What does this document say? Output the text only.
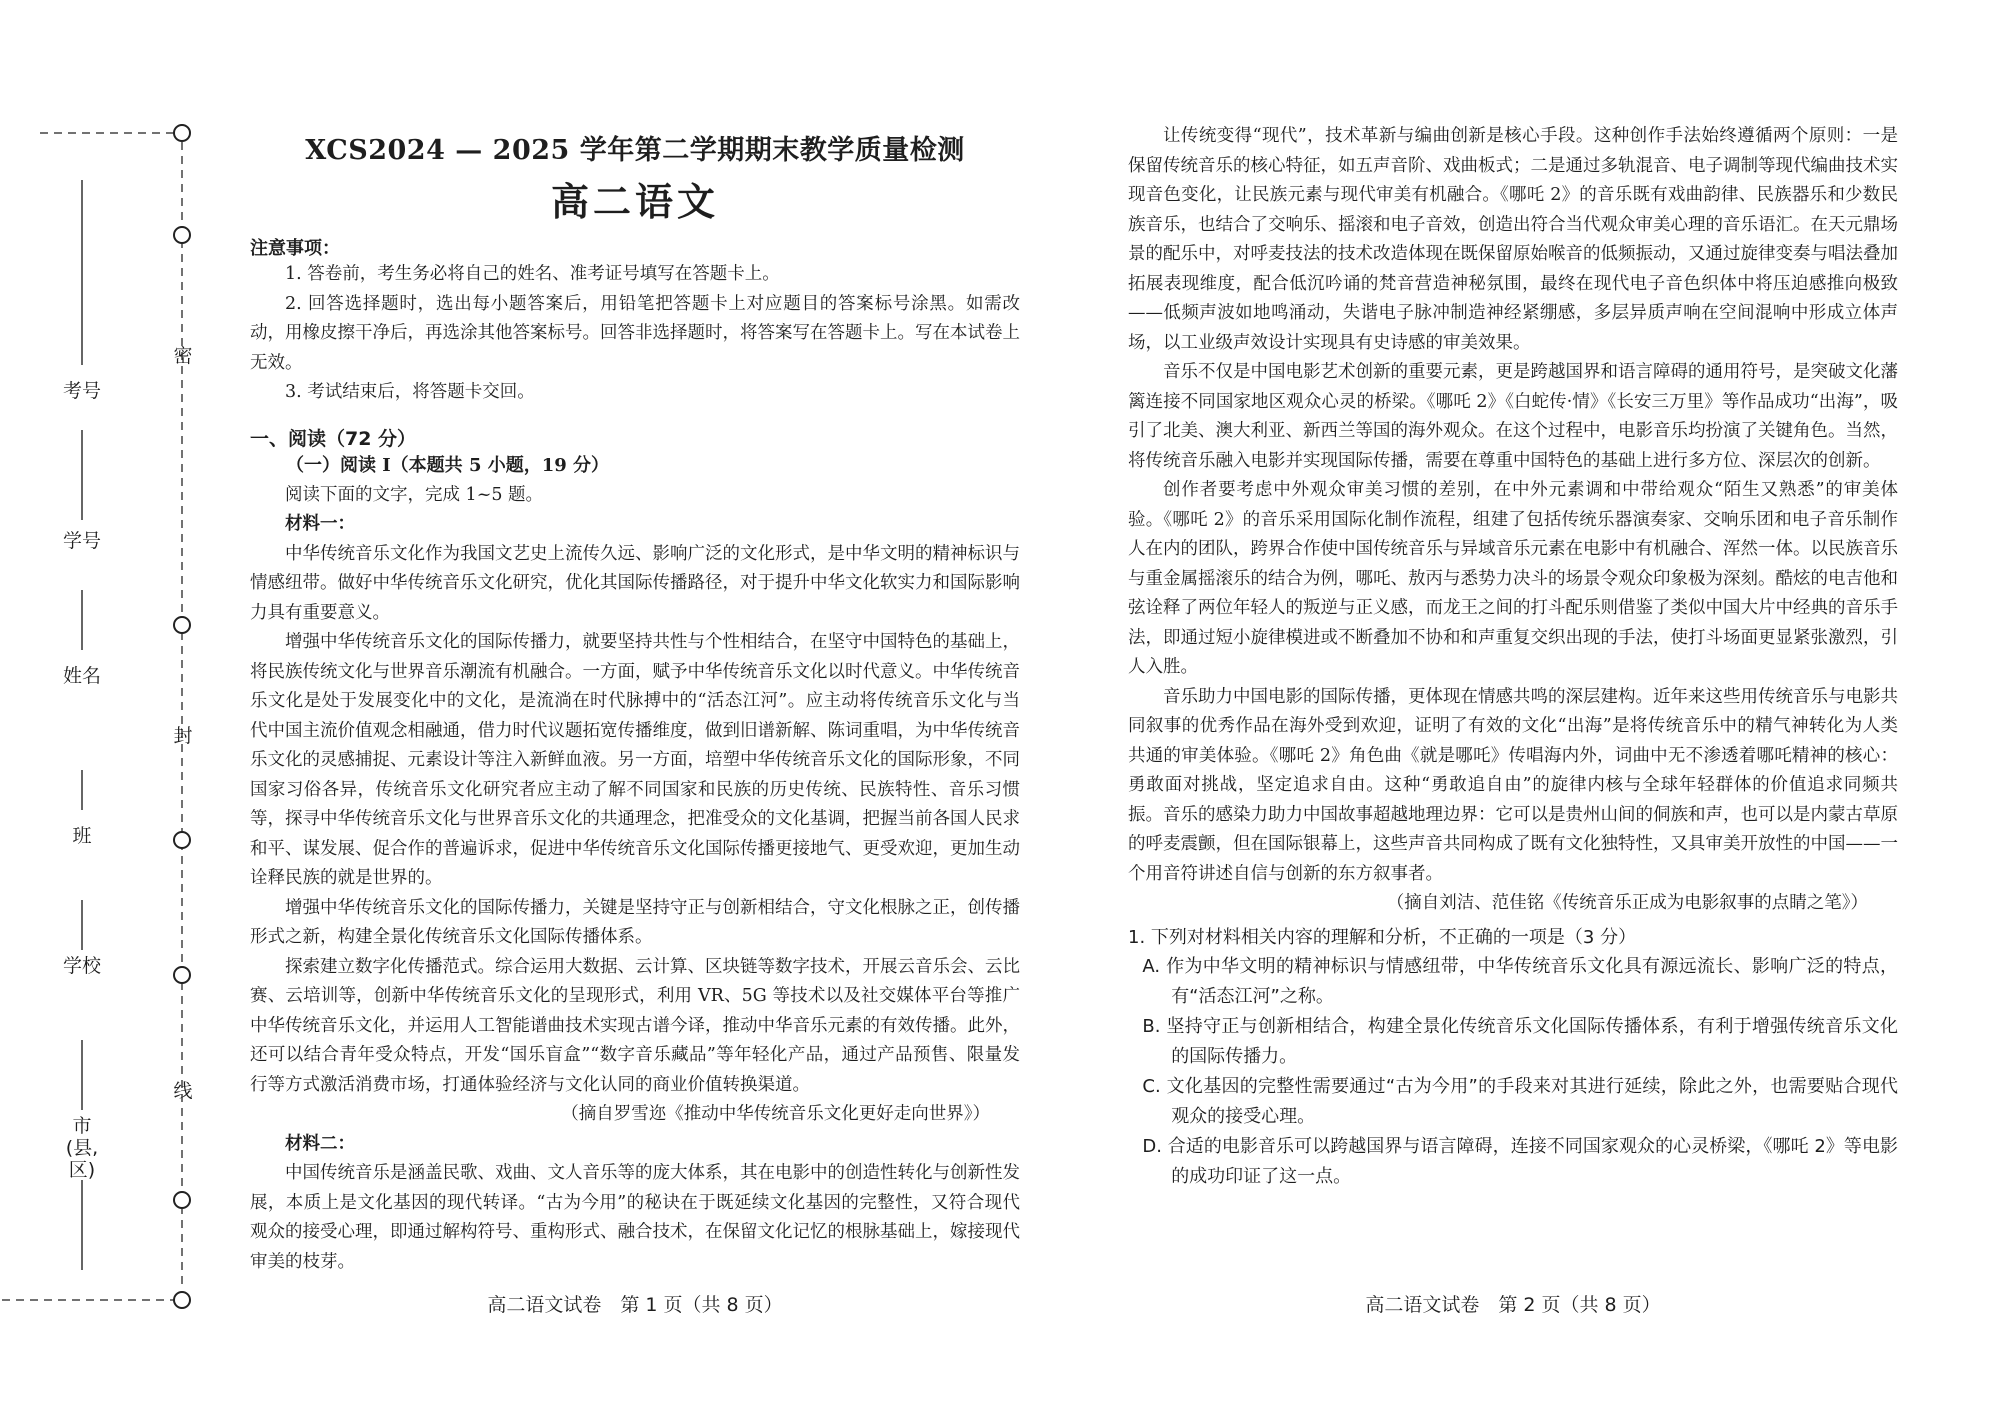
市(县,区)
学校
班
姓名
学号
考号
密
封
线
XCS2024 — 2025 学年第二学期期末教学质量检测
高二语文
注意事项：

1. 答卷前，考生务必将自己的姓名、准考证号填写在答题卡上。

2. 回答选择题时，选出每小题答案后，用铅笔把答题卡上对应题目的答案标号涂黑。如需改动，用橡皮擦干净后，再选涂其他答案标号。回答非选择题时，将答案写在答题卡上。写在本试卷上无效。

3. 考试结束后，将答题卡交回。

一、阅读（72 分）
（一）阅读 I（本题共 5 小题，19 分）

阅读下面的文字，完成 1~5 题。

材料一：

中华传统音乐文化作为我国文艺史上流传久远、影响广泛的文化形式，是中华文明的精神标识与情感纽带。做好中华传统音乐文化研究，优化其国际传播路径，对于提升中华文化软实力和国际影响力具有重要意义。

增强中华传统音乐文化的国际传播力，就要坚持共性与个性相结合，在坚守中国特色的基础上，将民族传统文化与世界音乐潮流有机融合。一方面，赋予中华传统音乐文化以时代意义。中华传统音乐文化是处于发展变化中的文化，是流淌在时代脉搏中的“活态江河”。应主动将传统音乐文化与当代中国主流价值观念相融通，借力时代议题拓宽传播维度，做到旧谱新解、陈词重唱，为中华传统音乐文化的灵感捕捉、元素设计等注入新鲜血液。另一方面，培塑中华传统音乐文化的国际形象，不同国家习俗各异，传统音乐文化研究者应主动了解不同国家和民族的历史传统、民族特性、音乐习惯等，探寻中华传统音乐文化与世界音乐文化的共通理念，把准受众的文化基调，把握当前各国人民求和平、谋发展、促合作的普遍诉求，促进中华传统音乐文化国际传播更接地气、更受欢迎，更加生动诠释民族的就是世界的。

增强中华传统音乐文化的国际传播力，关键是坚持守正与创新相结合，守文化根脉之正，创传播形式之新，构建全景化传统音乐文化国际传播体系。

探索建立数字化传播范式。综合运用大数据、云计算、区块链等数字技术，开展云音乐会、云比赛、云培训等，创新中华传统音乐文化的呈现形式，利用 VR、5G 等技术以及社交媒体平台等推广中华传统音乐文化，并运用人工智能谱曲技术实现古谱今译，推动中华音乐元素的有效传播。此外，还可以结合青年受众特点，开发“国乐盲盒”“数字音乐藏品”等年轻化产品，通过产品预售、限量发行等方式激活消费市场，打通体验经济与文化认同的商业价值转换渠道。

（摘自罗雪迩《推动中华传统音乐文化更好走向世界》）

材料二：

中国传统音乐是涵盖民歌、戏曲、文人音乐等的庞大体系，其在电影中的创造性转化与创新性发展，本质上是文化基因的现代转译。“古为今用”的秘诀在于既延续文化基因的完整性，又符合现代观众的接受心理，即通过解构符号、重构形式、融合技术，在保留文化记忆的根脉基础上，嫁接现代审美的枝芽。

让传统变得“现代”，技术革新与编曲创新是核心手段。这种创作手法始终遵循两个原则：一是保留传统音乐的核心特征，如五声音阶、戏曲板式；二是通过多轨混音、电子调制等现代编曲技术实现音色变化，让民族元素与现代审美有机融合。《哪吒 2》的音乐既有戏曲韵律、民族器乐和少数民族音乐，也结合了交响乐、摇滚和电子音效，创造出符合当代观众审美心理的音乐语汇。在天元鼎场景的配乐中，对呼麦技法的技术改造体现在既保留原始喉音的低频振动，又通过旋律变奏与唱法叠加拓展表现维度，配合低沉吟诵的梵音营造神秘氛围，最终在现代电子音色织体中将压迫感推向极致——低频声波如地鸣涌动，失谐电子脉冲制造神经紧绷感，多层异质声响在空间混响中形成立体声场，以工业级声效设计实现具有史诗感的审美效果。

音乐不仅是中国电影艺术创新的重要元素，更是跨越国界和语言障碍的通用符号，是突破文化藩篱连接不同国家地区观众心灵的桥梁。《哪吒 2》《白蛇传·情》《长安三万里》等作品成功“出海”，吸引了北美、澳大利亚、新西兰等国的海外观众。在这个过程中，电影音乐均扮演了关键角色。当然，将传统音乐融入电影并实现国际传播，需要在尊重中国特色的基础上进行多方位、深层次的创新。

创作者要考虑中外观众审美习惯的差别，在中外元素调和中带给观众“陌生又熟悉”的审美体验。《哪吒 2》的音乐采用国际化制作流程，组建了包括传统乐器演奏家、交响乐团和电子音乐制作人在内的团队，跨界合作使中国传统音乐与异域音乐元素在电影中有机融合、浑然一体。以民族音乐与重金属摇滚乐的结合为例，哪吒、敖丙与悉势力决斗的场景令观众印象极为深刻。酷炫的电吉他和弦诠释了两位年轻人的叛逆与正义感，而龙王之间的打斗配乐则借鉴了类似中国大片中经典的音乐手法，即通过短小旋律模进或不断叠加不协和和声重复交织出现的手法，使打斗场面更显紧张激烈，引人入胜。

音乐助力中国电影的国际传播，更体现在情感共鸣的深层建构。近年来这些用传统音乐与电影共同叙事的优秀作品在海外受到欢迎，证明了有效的文化“出海”是将传统音乐中的精气神转化为人类共通的审美体验。《哪吒 2》角色曲《就是哪吒》传唱海内外，词曲中无不渗透着哪吒精神的核心：勇敢面对挑战，坚定追求自由。这种“勇敢追自由”的旋律内核与全球年轻群体的价值追求同频共振。音乐的感染力助力中国故事超越地理边界：它可以是贵州山间的侗族和声，也可以是内蒙古草原的呼麦震颤，但在国际银幕上，这些声音共同构成了既有文化独特性，又具审美开放性的中国——一个用音符讲述自信与创新的东方叙事者。

（摘自刘洁、范佳铭《传统音乐正成为电影叙事的点睛之笔》）

1. 下列对材料相关内容的理解和分析，不正确的一项是（3 分）

A. 作为中华文明的精神标识与情感纽带，中华传统音乐文化具有源远流长、影响广泛的特点，有“活态江河”之称。

B. 坚持守正与创新相结合，构建全景化传统音乐文化国际传播体系，有利于增强传统音乐文化的国际传播力。

C. 文化基因的完整性需要通过“古为今用”的手段来对其进行延续，除此之外，也需要贴合现代观众的接受心理。

D. 合适的电影音乐可以跨越国界与语言障碍，连接不同国家观众的心灵桥梁，《哪吒 2》等电影的成功印证了这一点。

高二语文试卷　第 1 页（共 8 页）	高二语文试卷　第 2 页（共 8 页）
